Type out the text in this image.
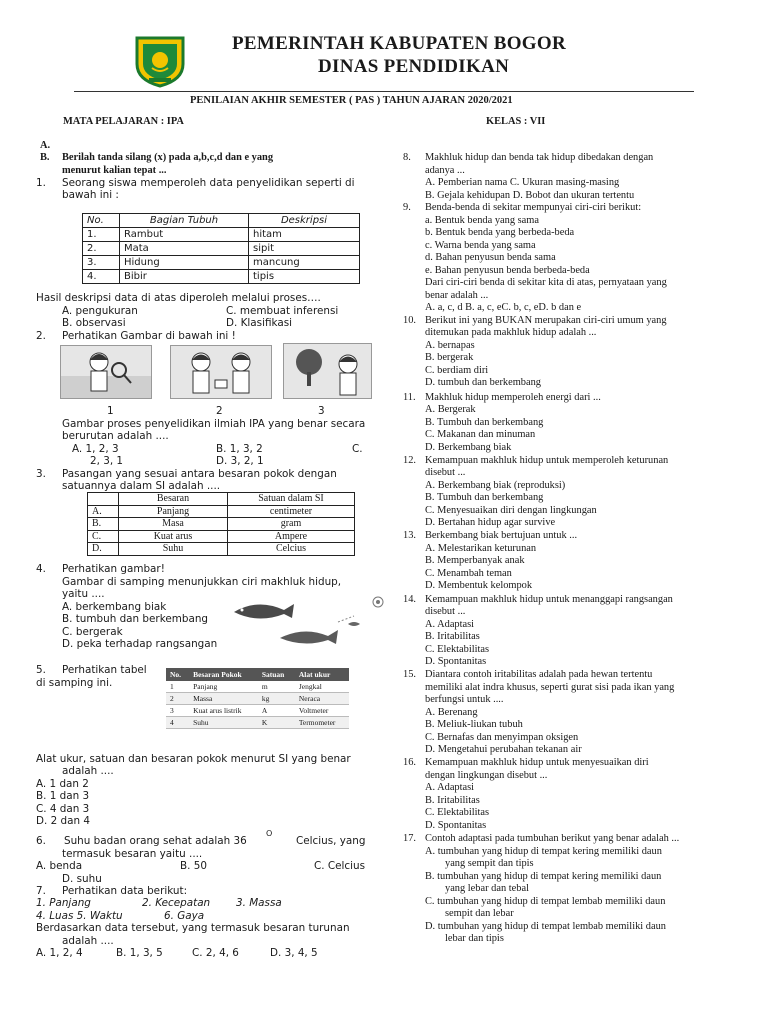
PEMERINTAH KABUPATEN BOGOR
DINAS PENDIDIKAN
PENILAIAN AKHIR SEMESTER ( PAS ) TAHUN AJARAN 2020/2021
MATA PELAJARAN : IPA	KELAS : VII
A.
B. Berilah tanda silang (x) pada a,b,c,d dan e yang
menurut kalian tepat ...
1. Seorang siswa memperoleh data penyelidikan seperti di
bawah ini :
No.	Bagian Tubuh	Deskripsi
1.	Rambut	hitam
2.	Mata	sipit
3.	Hidung	mancung
4.	Bibir	tipis
Hasil deskripsi data di atas diperoleh melalui proses….
A. pengukuran	C. membuat inferensi
B. observasi	D. Klasifikasi
2. Perhatikan Gambar di bawah ini !
1	2	3
Gambar proses penyelidikan ilmiah IPA yang benar secara
berurutan adalah ....
A. 1, 2, 3	B. 1, 3, 2	C.
2, 3, 1	D. 3, 2, 1
3. Pasangan yang sesuai antara besaran pokok dengan
satuannya dalam SI adalah ....
	Besaran	Satuan dalam SI
A.	Panjang	centimeter
B.	Masa	gram
C.	Kuat arus	Ampere
D.	Suhu	Celcius
4. Perhatikan gambar!
Gambar di samping menunjukkan ciri makhluk hidup,
yaitu ....
A. berkembang biak
B. tumbuh dan berkembang
C. bergerak
D. peka terhadap rangsangan
5. Perhatikan tabel
di samping ini.
No.	Besaran Pokok	Satuan	Alat ukur
1	Panjang	m	Jengkal
2	Massa	kg	Neraca
3	Kuat arus listrik	A	Voltmeter
4	Suhu	K	Termometer
Alat ukur, satuan dan besaran pokok menurut SI yang benar
adalah ....
A. 1 dan 2
B. 1 dan 3
C. 4 dan 3
D. 2 dan 4
6. Suhu badan orang sehat adalah 36
O
Celcius, yang
termasuk besaran yaitu ....
A. benda	B. 50	C. Celcius
D. suhu
7. Perhatikan data berikut:
1. Panjang	2. Kecepatan 3. Massa
4. Luas 5. Waktu	6. Gaya
Berdasarkan data tersebut, yang termasuk besaran turunan
adalah ....
A. 1, 2, 4	B. 1, 3, 5	C. 2, 4, 6	D. 3, 4, 5
8. Makhluk hidup dan benda tak hidup dibedakan dengan
adanya ...
A. Pemberian nama C. Ukuran masing-masing
B. Gejala kehidupan D. Bobot dan ukuran tertentu
9. Benda-benda di sekitar mempunyai ciri-ciri berikut:
a. Bentuk benda yang sama
b. Bentuk benda yang berbeda-beda
c. Warna benda yang sama
d. Bahan penyusun benda sama
e. Bahan penyusun benda berbeda-beda
Dari ciri-ciri benda di sekitar kita di atas, pernyataan yang
benar adalah ...
A. a, c, d B. a, c, eC. b, c, eD. b dan e
10. Berikut ini yang BUKAN merupakan ciri-ciri umum yang
ditemukan pada makhluk hidup adalah ...
A. bernapas
B. bergerak
C. berdiam diri
D. tumbuh dan berkembang
11. Makhluk hidup memperoleh energi dari ...
A. Bergerak
B. Tumbuh dan berkembang
C. Makanan dan minuman
D. Berkembang biak
12. Kemampuan makhluk hidup untuk memperoleh keturunan
disebut ...
A. Berkembang biak (reproduksi)
B. Tumbuh dan berkembang
C. Menyesuaikan diri dengan lingkungan
D. Bertahan hidup agar survive
13. Berkembang biak bertujuan untuk ...
A. Melestarikan keturunan
B. Memperbanyak anak
C. Menambah teman
D. Membentuk kelompok
14. Kemampuan makhluk hidup untuk menanggapi rangsangan
disebut ...
A. Adaptasi
B. Iritabilitas
C. Elektabilitas
D. Spontanitas
15. Diantara contoh iritabilitas adalah pada hewan tertentu
memiliki alat indra khusus, seperti gurat sisi pada ikan yang
berfungsi untuk ....
A. Berenang
B. Meliuk-liukan tubuh
C. Bernafas dan menyimpan oksigen
D. Mengetahui perubahan tekanan air
16. Kemampuan makhluk hidup untuk menyesuaikan diri
dengan lingkungan disebut ...
A. Adaptasi
B. Iritabilitas
C. Elektabilitas
D. Spontanitas
17. Contoh adaptasi pada tumbuhan berikut yang benar adalah ...
A. tumbuhan yang hidup di tempat kering memiliki daun
yang sempit dan tipis
B. tumbuhan yang hidup di tempat kering memiliki daun
yang lebar dan tebal
C. tumbuhan yang hidup di tempat lembab memiliki daun
sempit dan lebar
D. tumbuhan yang hidup di tempat lembab memiliki daun
lebar dan tipis
